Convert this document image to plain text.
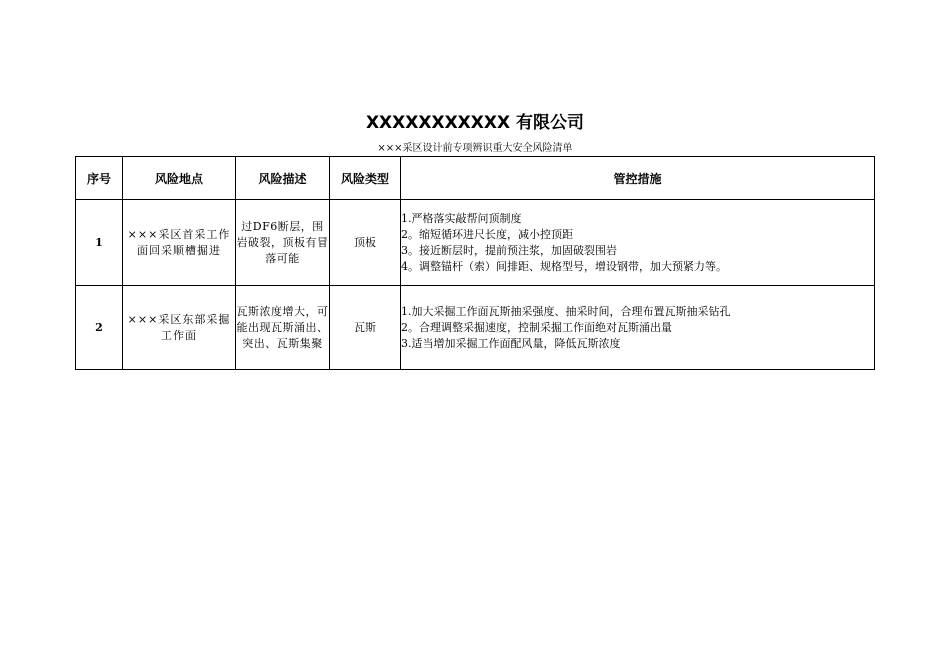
XXXXXXXXXXX 有限公司
×××采区设计前专项辨识重大安全风险清单
序号	风险地点	风险描述	风险类型	管控措施
1	×××采区首采工作面回采顺槽掘进	过DF6断层，围岩破裂，顶板有冒落可能	顶板	1.严格落实敲帮问顶制度
2。缩短循环进尺长度，减小控顶距
3。接近断层时，提前预注浆，加固破裂围岩
4。调整锚杆（索）间排距、规格型号，增设钢带，加大预紧力等。

2	×××采区东部采掘工作面	瓦斯浓度增大，可能出现瓦斯涌出、突出、瓦斯集聚	瓦斯	1.加大采掘工作面瓦斯抽采强度、抽采时间，合理布置瓦斯抽采钻孔
2。合理调整采掘速度，控制采掘工作面绝对瓦斯涌出量
3.适当增加采掘工作面配风量，降低瓦斯浓度
